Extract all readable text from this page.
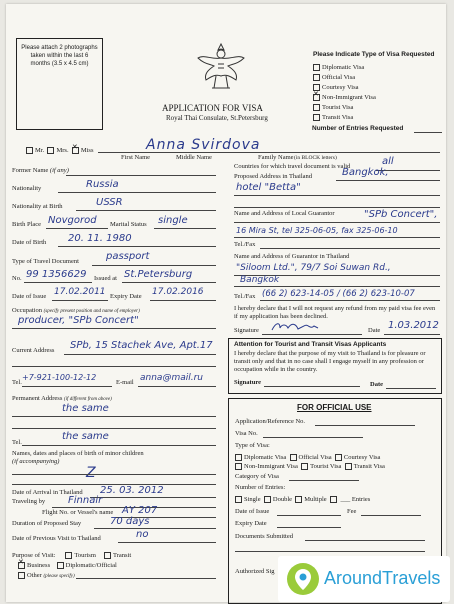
Please attach 2 photographs taken within the last 6 months (3.5 x 4.5 cm)
APPLICATION FOR VISA
Royal Thai Consulate, St.Petersburg
Please Indicate Type of Visa Requested
Diplomatic Visa
Official Visa
Courtesy Visa
✕Non-Immigrant Visa
Tourist Visa
Transit Visa
Number of Entries Requested
Mr. Mrs.  ✕ Miss	Anna Svirdova
First Name	Middle Name	Family Name (in BLOCK letters)
Former Name (if any)
Nationality	Russia
Nationality at Birth	USSR
Birth Place Novgorod Marital Status single
Date of Birth 20. 11. 1980
Type of Travel Document	passport
No. 99 1356629 Issued at St.Petersburg
Date of Issue 17.02.2011 Expiry Date 17.02.2016
Occupation (specify present position and name of employer)
producer, "SPb Concert"
Current Address SPb, 15 Stachek Ave, Apt.17
Tel.
+7-921-100-12-12
E-mail anna@mail.ru
Permanent Address (if different from above)
the same
Tel.
the same
Names, dates and places of birth of minor children
(if accompanying)
Z
Date of Arrival in Thailand 25. 03. 2012
Traveling by Finnair
Flight No. or Vessel's name AY 207
Duration of Proposed Stay	70 days
Date of Previous Visit to Thailand	no
Purpose of Visit:	Tourism	Transit
✕Business Diplomatic/Official
Other (please specify)
Countries for which travel document is valid	all
Proposed Address in Thailand	Bangkok,
hotel "Betta"
Name and Address of Local Guarantor	"SPb Concert",
16 Mira St, tel 325-06-05, fax 325-06-10
Tel./Fax
Name and Address of Guarantor in Thailand
"Siloom Ltd.", 79/7 Soi Suwan Rd.,
Bangkok
Tel./Fax (66 2) 623-14-05 / (66 2) 623-10-07
I hereby declare that I will not request any refund from my paid visa fee even if my application has been declined.
Signature	Date 1.03.2012
Attention for Tourist and Transit Visas Applicants
I hereby declare that the purpose of my visit to Thailand is for pleasure or transit only and that in no case shall I engage myself in any profession or occupation while in the country.
Signature	Date
FOR OFFICIAL USE
Application/Reference No.
Visa No.
Type of Visa:
Diplomatic Visa Official Visa Courtesy Visa
Non-Immigrant Visa Tourist Visa Transit Visa
Category of Visa
Number of Entries:
Single Double Multiple   ___ Entries
Date of Issue	Fee
Expiry Date
Documents Submitted
Authorized Sig	AroundTravels
